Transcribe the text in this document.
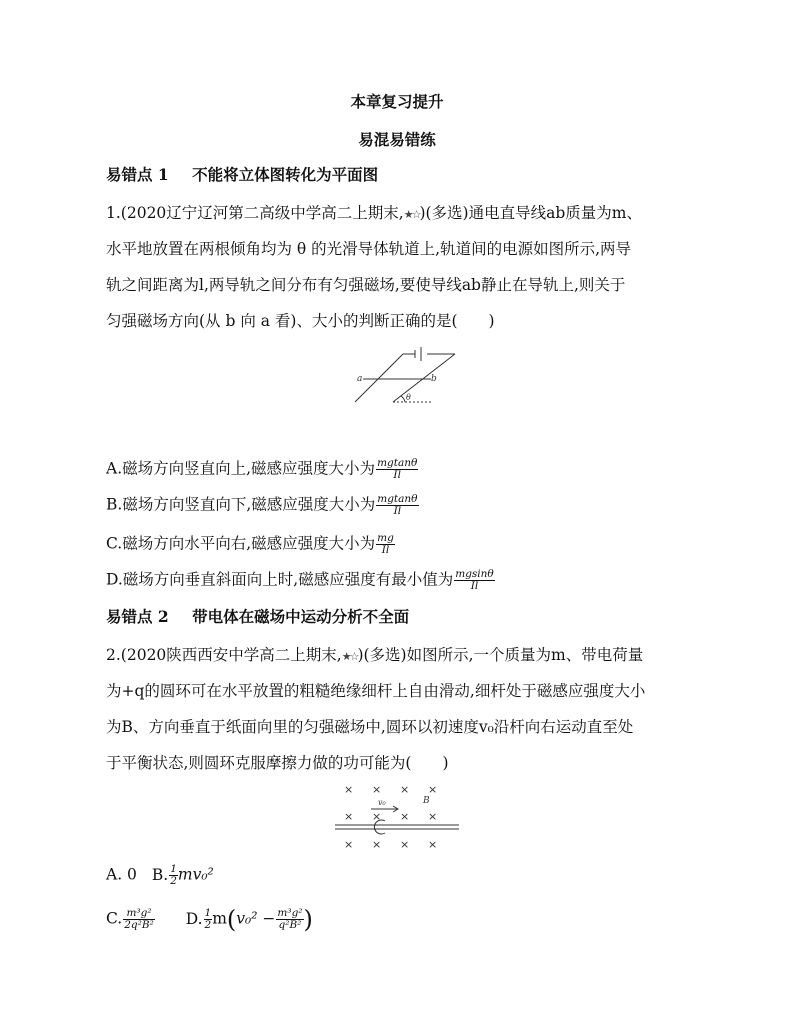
本章复习提升
易混易错练
易错点 1 不能将立体图转化为平面图
1.(2020辽宁辽河第二高级中学高二上期末,★☆)(多选)通电直导线ab质量为m、
水平地放置在两根倾角均为 θ 的光滑导体轨道上,轨道间的电源如图所示,两导
轨之间距离为l,两导轨之间分布有匀强磁场,要使导线ab静止在导轨上,则关于
匀强磁场方向(从 b 向 a 看)、大小的判断正确的是(　　)
a	b
θ
A.磁场方向竖直向上,磁感应强度大小为 $\frac{mgtan\theta}{Il}$
B.磁场方向竖直向下,磁感应强度大小为 $\frac{mgtan\theta}{Il}$
C.磁场方向水平向右,磁感应强度大小为 $\frac{mg}{Il}$
D.磁场方向垂直斜面向上时,磁感应强度有最小值为 $\frac{mgsin\theta}{Il}$
易错点 2 带电体在磁场中运动分析不全面
2.(2020陕西西安中学高二上期末,★☆)(多选)如图所示,一个质量为m、带电荷量
为+q的圆环可在水平放置的粗糙绝缘细杆上自由滑动,细杆处于磁感应强度大小
为B、方向垂直于纸面向里的匀强磁场中,圆环以初速度v₀沿杆向右运动直至处
于平衡状态,则圆环克服摩擦力做的功可能为(　　)
× × × ×
× × × ×
× × × ×
v₀	B
A. 0 B. $\frac{1}{2} mv_0^2$
C. $\frac{\text{m³g²}}{\text{2q²B²}} D$. $\frac{1}{2} m(v_0^2 - \frac{\text{m³g²}}{\text{q²B²}}$ )
